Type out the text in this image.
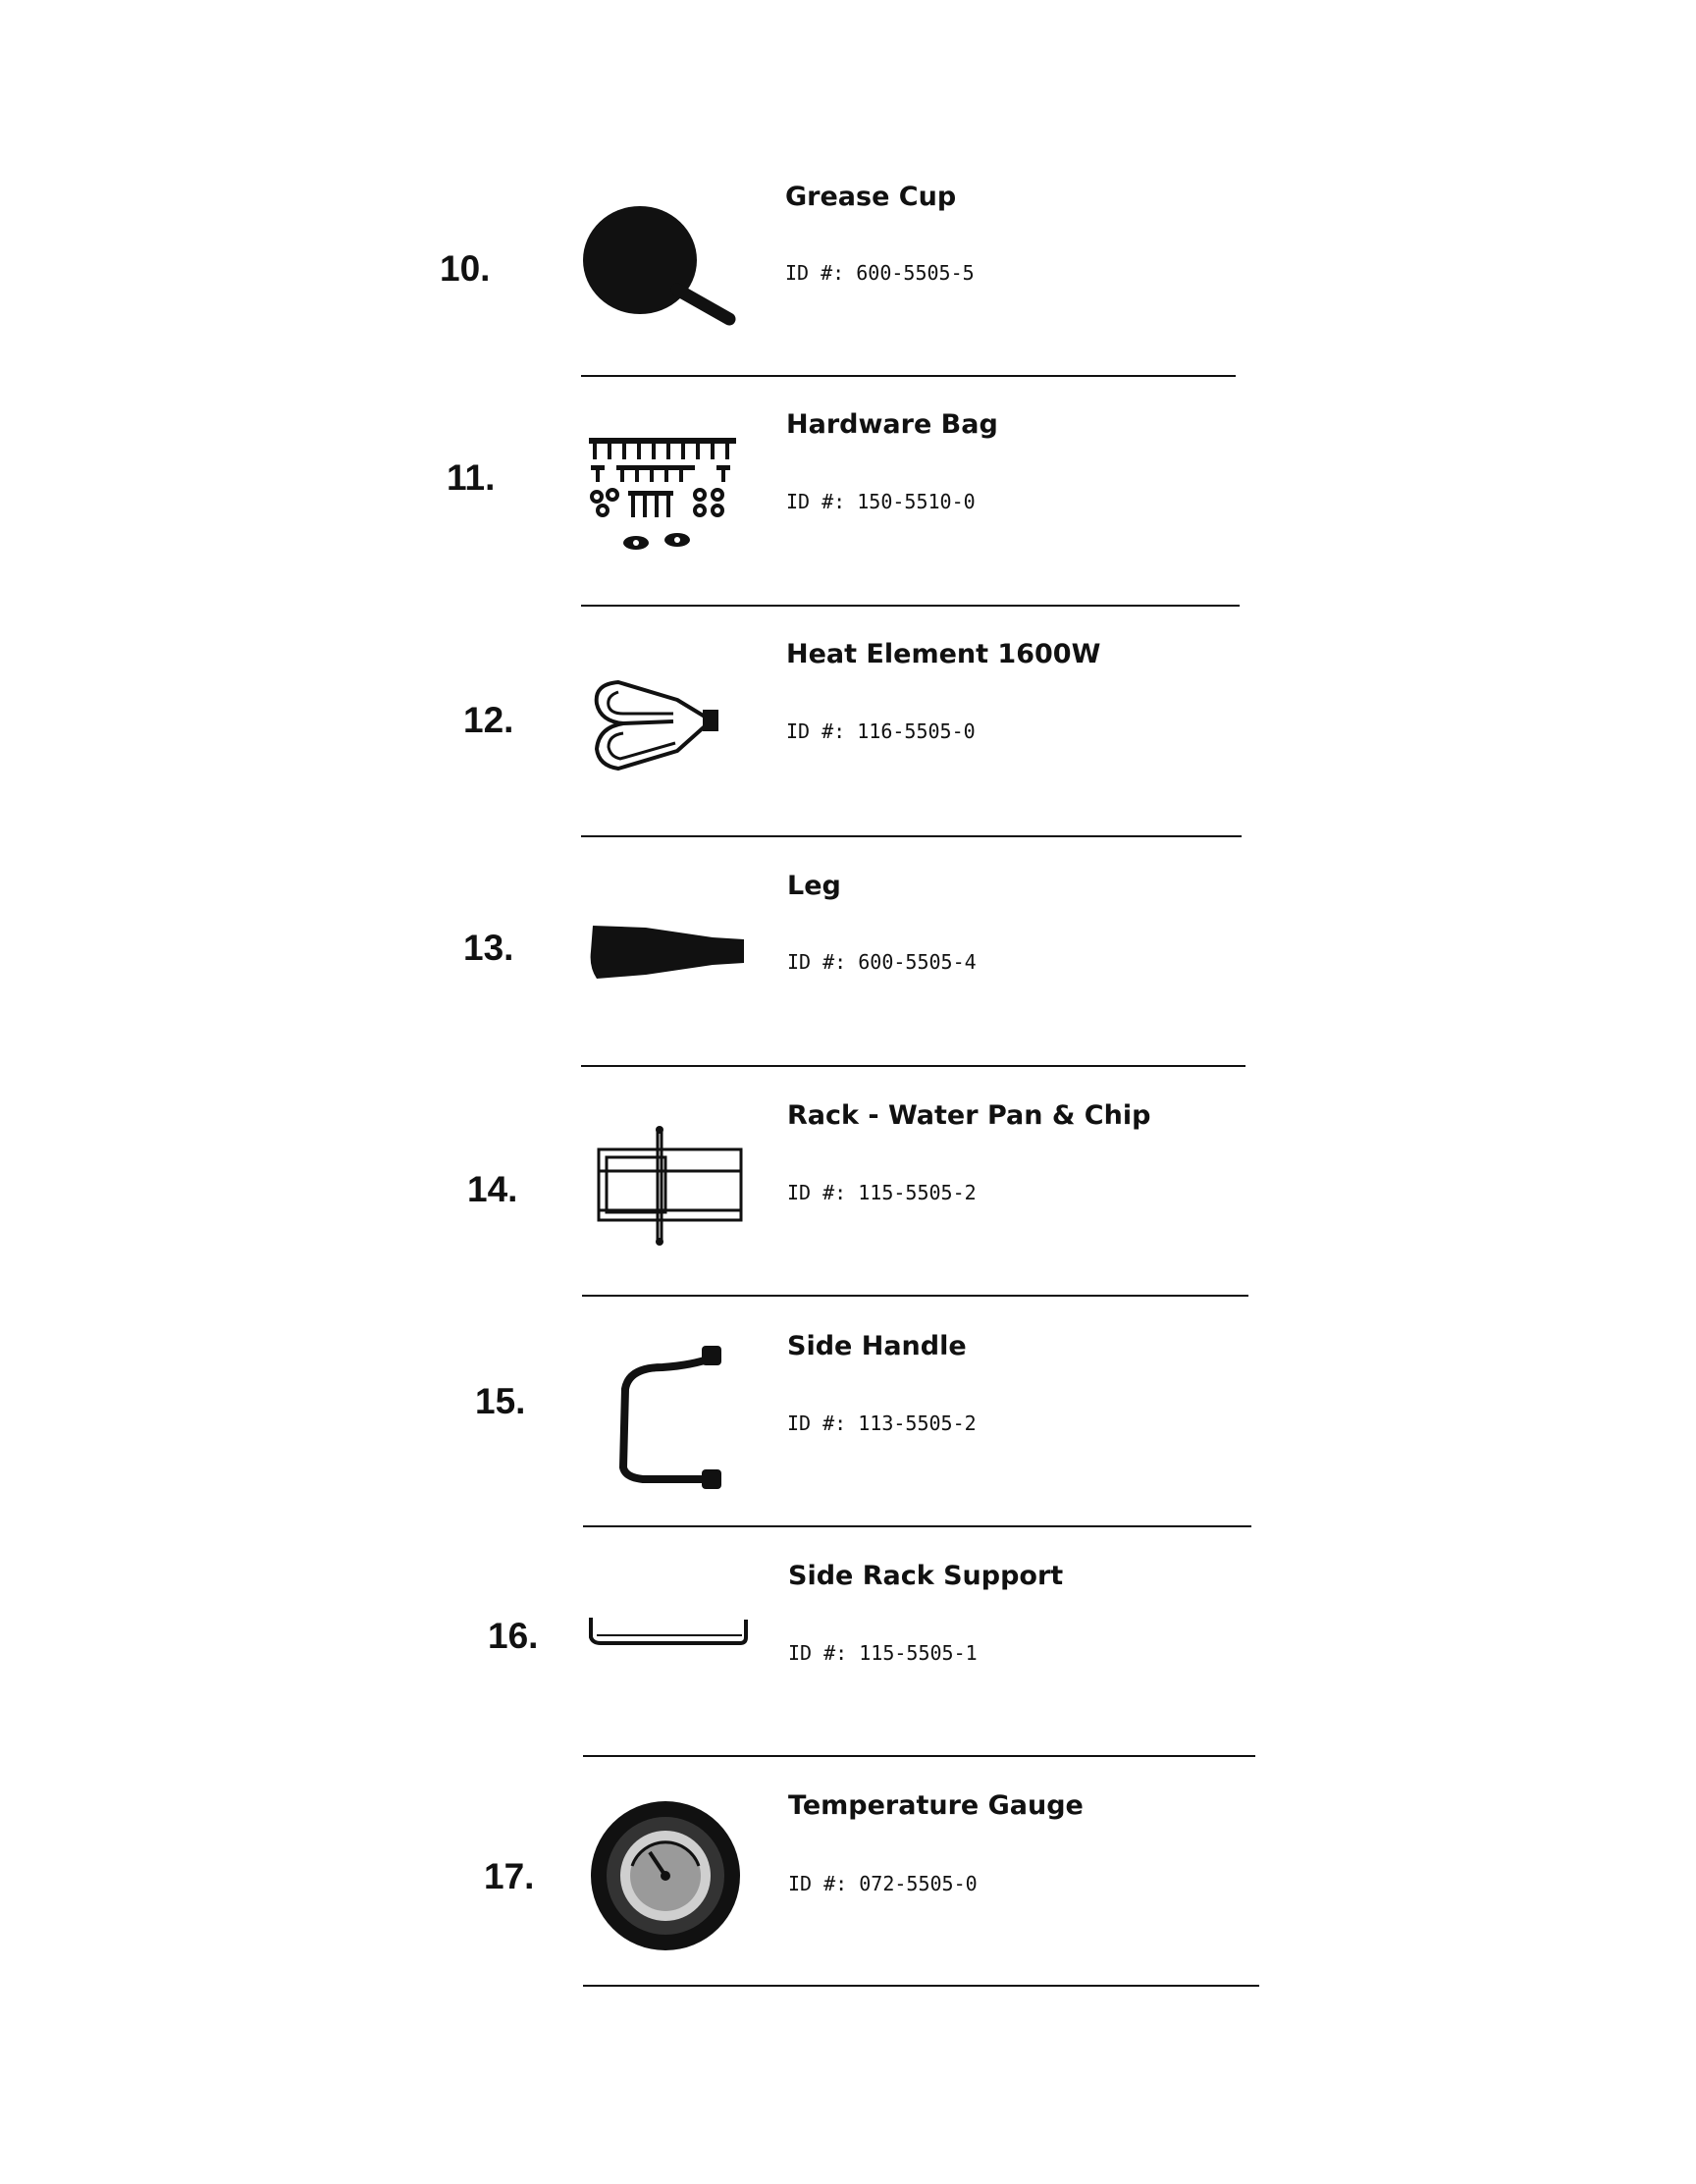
10.
Grease Cup
ID #: 600-5505-5
11.
Hardware Bag
ID #: 150-5510-0
12.
Heat Element 1600W
ID #: 116-5505-0
13.
Leg
ID #: 600-5505-4
14.
Rack - Water Pan & Chip
ID #: 115-5505-2
15.
Side Handle
ID #: 113-5505-2
16.
Side Rack Support
ID #: 115-5505-1
17.
Temperature Gauge
ID #: 072-5505-0
